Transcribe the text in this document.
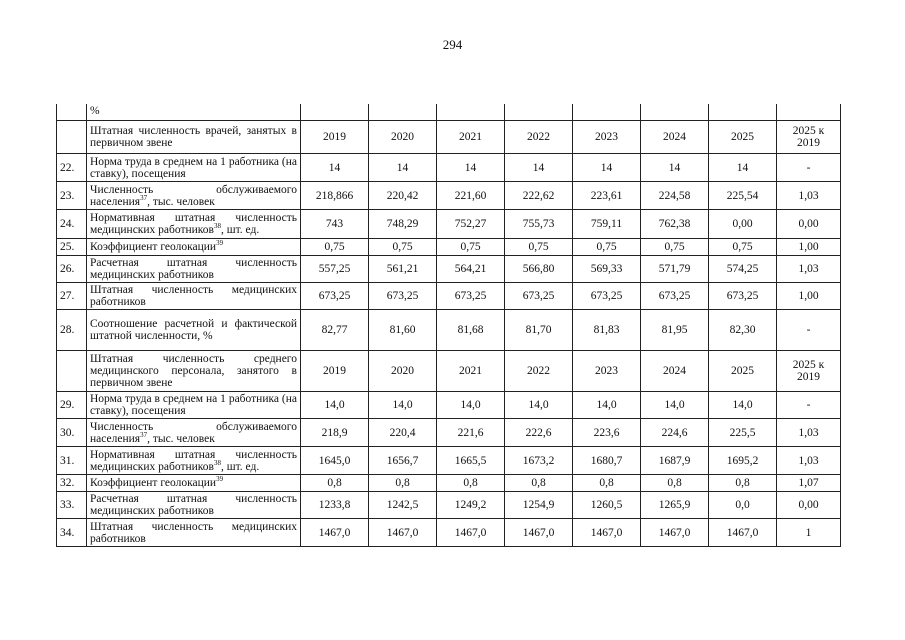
294
	%								
	Штатная численность врачей, занятых в первичном звене	2019	2020	2021	2022	2023	2024	2025	2025 к 2019
22.	Норма труда в среднем на 1 работника (на ставку), посещения	14	14	14	14	14	14	14	-
23.	Численность обслуживаемого населения$^{37}$, тыс. человек	218,866	220,42	221,60	222,62	223,61	224,58	225,54	1,03
24.	Нормативная штатная численность медицинских работников$^{38}$, шт. ед.	743	748,29	752,27	755,73	759,11	762,38	0,00	0,00
25.	Коэффициент геолокации$^{39}$	0,75	0,75	0,75	0,75	0,75	0,75	0,75	1,00
26.	Расчетная штатная численность медицинских работников	557,25	561,21	564,21	566,80	569,33	571,79	574,25	1,03
27.	Штатная численность медицинских работников	673,25	673,25	673,25	673,25	673,25	673,25	673,25	1,00
28.	Соотношение расчетной и фактической штатной численности, %	82,77	81,60	81,68	81,70	81,83	81,95	82,30	-
	Штатная численность среднего медицинского персонала, занятого в первичном звене	2019	2020	2021	2022	2023	2024	2025	2025 к 2019
29.	Норма труда в среднем на 1 работника (на ставку), посещения	14,0	14,0	14,0	14,0	14,0	14,0	14,0	-
30.	Численность обслуживаемого населения$^{37}$, тыс. человек	218,9	220,4	221,6	222,6	223,6	224,6	225,5	1,03
31.	Нормативная штатная численность медицинских работников$^{38}$, шт. ед.	1645,0	1656,7	1665,5	1673,2	1680,7	1687,9	1695,2	1,03
32.	Коэффициент геолокации$^{39}$	0,8	0,8	0,8	0,8	0,8	0,8	0,8	1,07
33.	Расчетная штатная численность медицинских работников	1233,8	1242,5	1249,2	1254,9	1260,5	1265,9	0,0	0,00
34.	Штатная численность медицинских работников	1467,0	1467,0	1467,0	1467,0	1467,0	1467,0	1467,0	1
